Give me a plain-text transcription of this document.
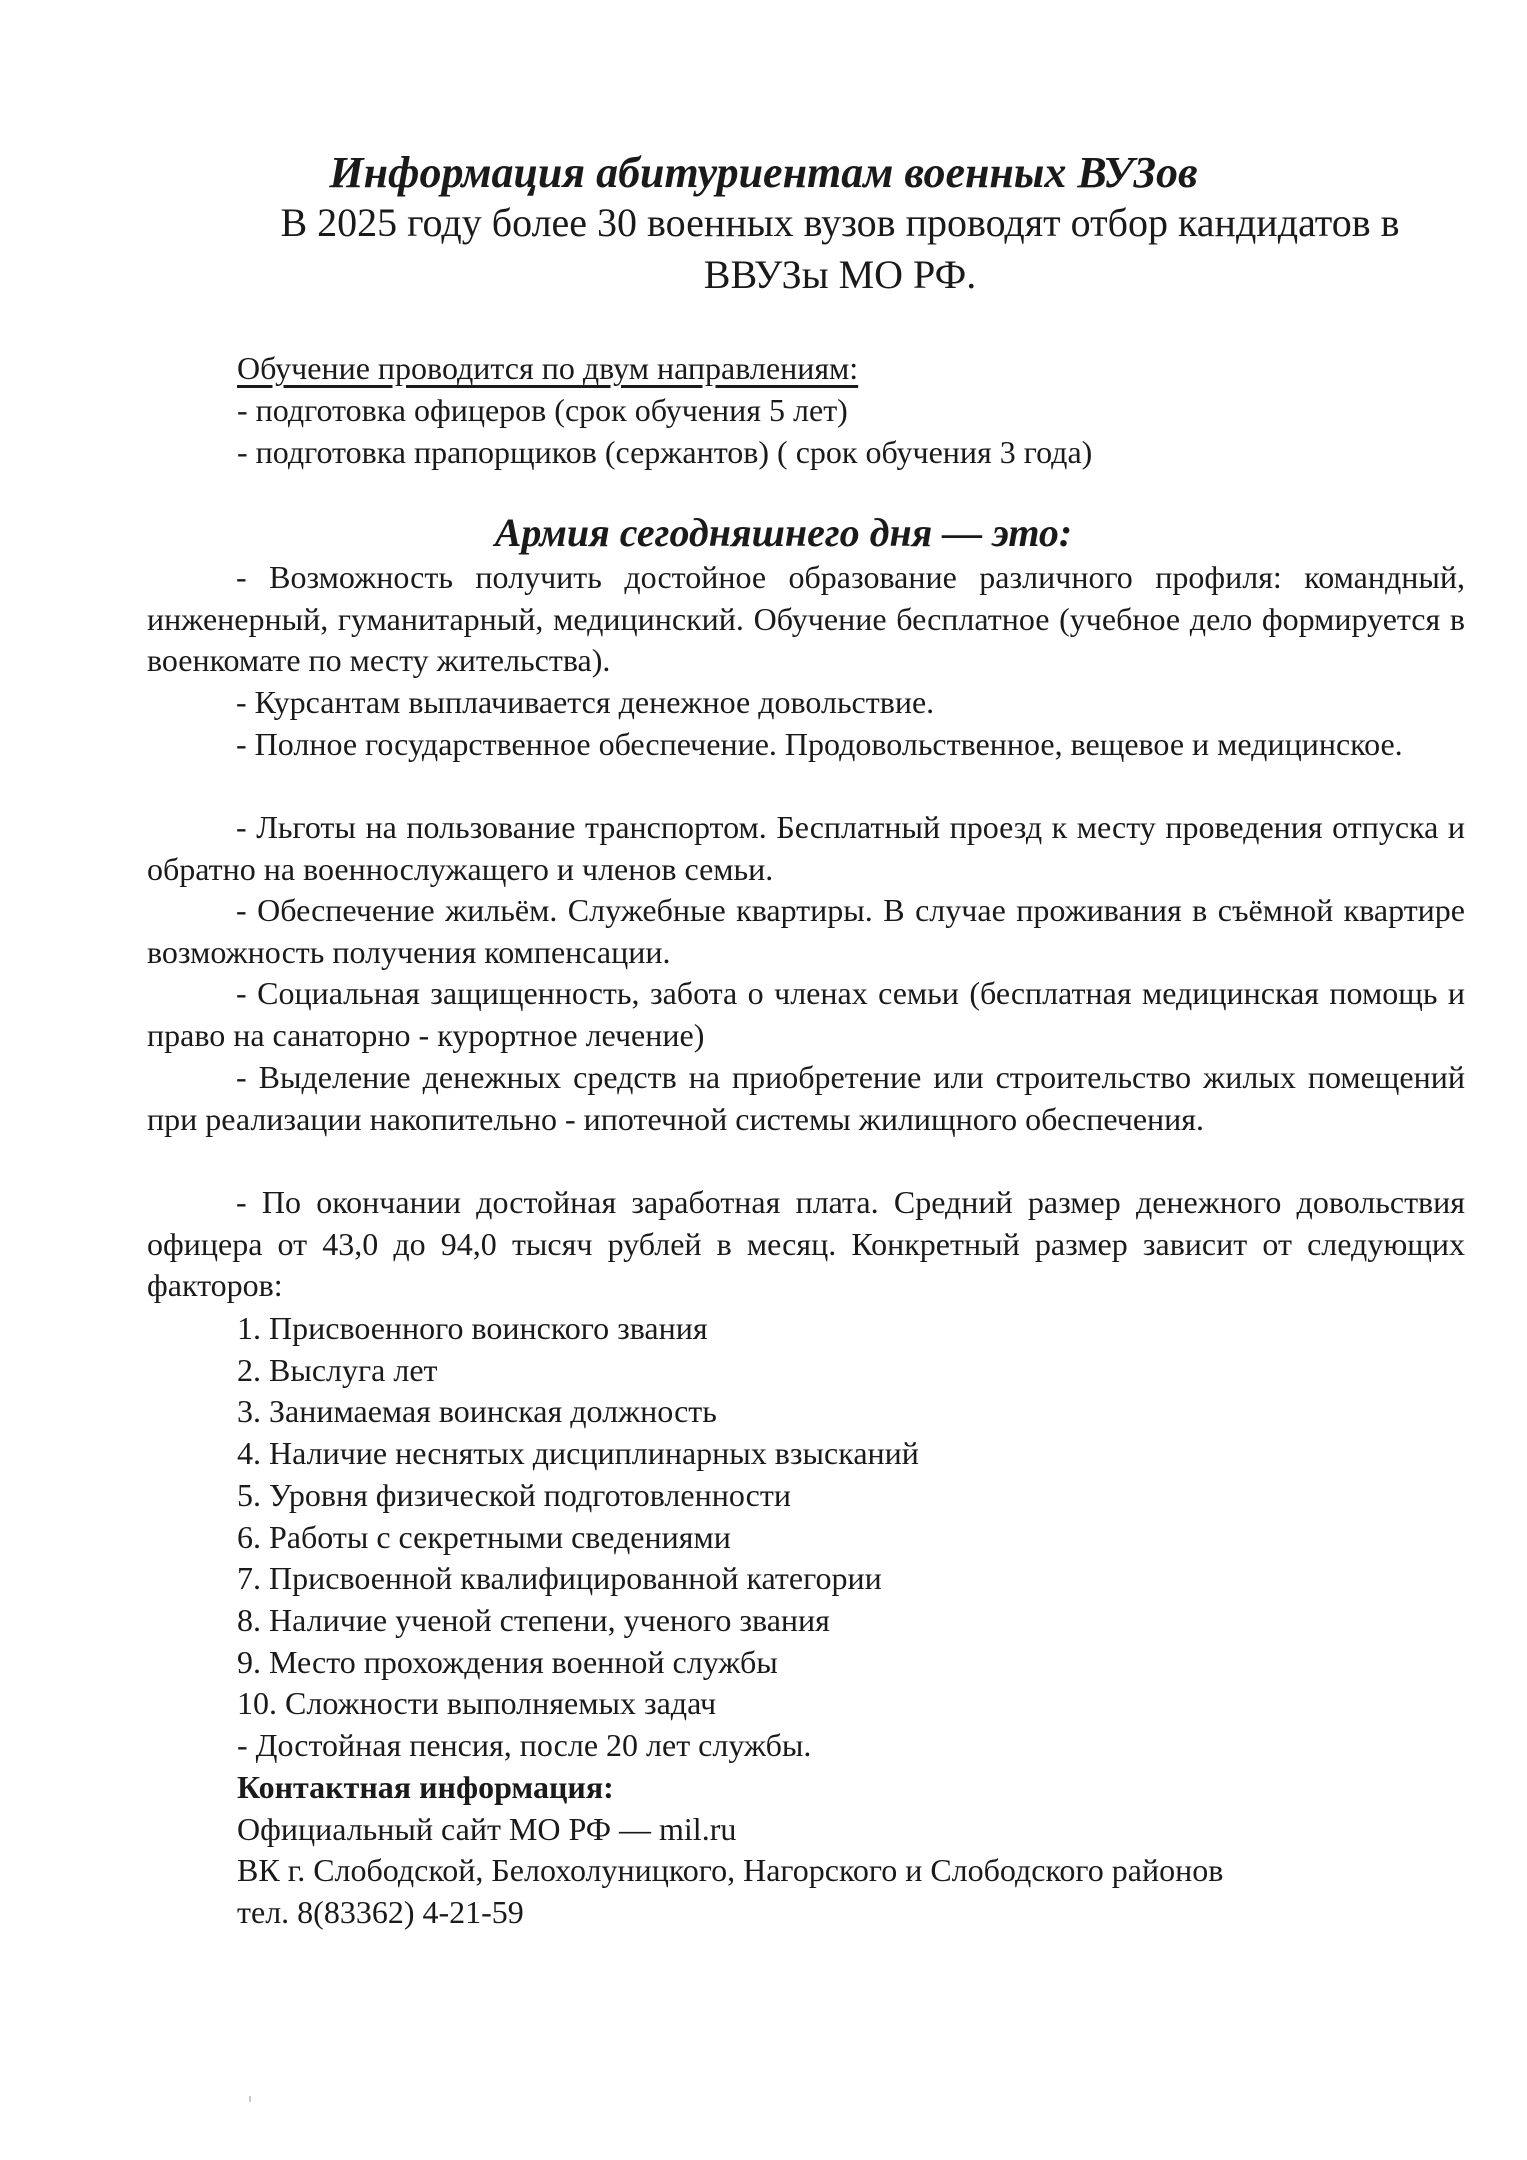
Информация абитуриентам военных ВУЗов
В 2025 году более 30 военных вузов проводят отбор кандидатов в ВВУЗы МО РФ.
Обучение проводится по двум направлениям:
- подготовка офицеров (срок обучения 5 лет)
- подготовка прапорщиков (сержантов) ( срок обучения 3 года)
Армия сегодняшнего дня — это:

- Возможность получить достойное образование различного профиля: командный, инженерный, гуманитарный, медицинский. Обучение бесплатное (учебное дело формируется в военкомате по месту жительства).

- Курсантам выплачивается денежное довольствие.

- Полное государственное обеспечение. Продовольственное, вещевое и медицинское.

- Льготы на пользование транспортом. Бесплатный проезд к месту проведения отпуска и обратно на военнослужащего и членов семьи.

- Обеспечение жильём. Служебные квартиры. В случае проживания в съёмной квартире возможность получения компенсации.

- Социальная защищенность, забота о членах семьи (бесплатная медицинская помощь и право на санаторно - курортное лечение)

- Выделение денежных средств на приобретение или строительство жилых помещений при реализации накопительно - ипотечной системы жилищного обеспечения.

- По окончании достойная заработная плата. Средний размер денежного довольствия офицера от 43,0 до 94,0 тысяч рублей в месяц. Конкретный размер зависит от следующих факторов:

1. Присвоенного воинского звания
2. Выслуга лет
3. Занимаемая воинская должность
4. Наличие неснятых дисциплинарных взысканий
5. Уровня физической подготовленности
6. Работы с секретными сведениями
7. Присвоенной квалифицированной категории
8. Наличие ученой степени, ученого звания
9. Место прохождения военной службы
10. Сложности выполняемых задач
- Достойная пенсия, после 20 лет службы.
Контактная информация:
Официальный сайт МО РФ — mil.ru
ВК г. Слободской, Белохолуницкого, Нагорского и Слободского районов
тел. 8(83362) 4-21-59
